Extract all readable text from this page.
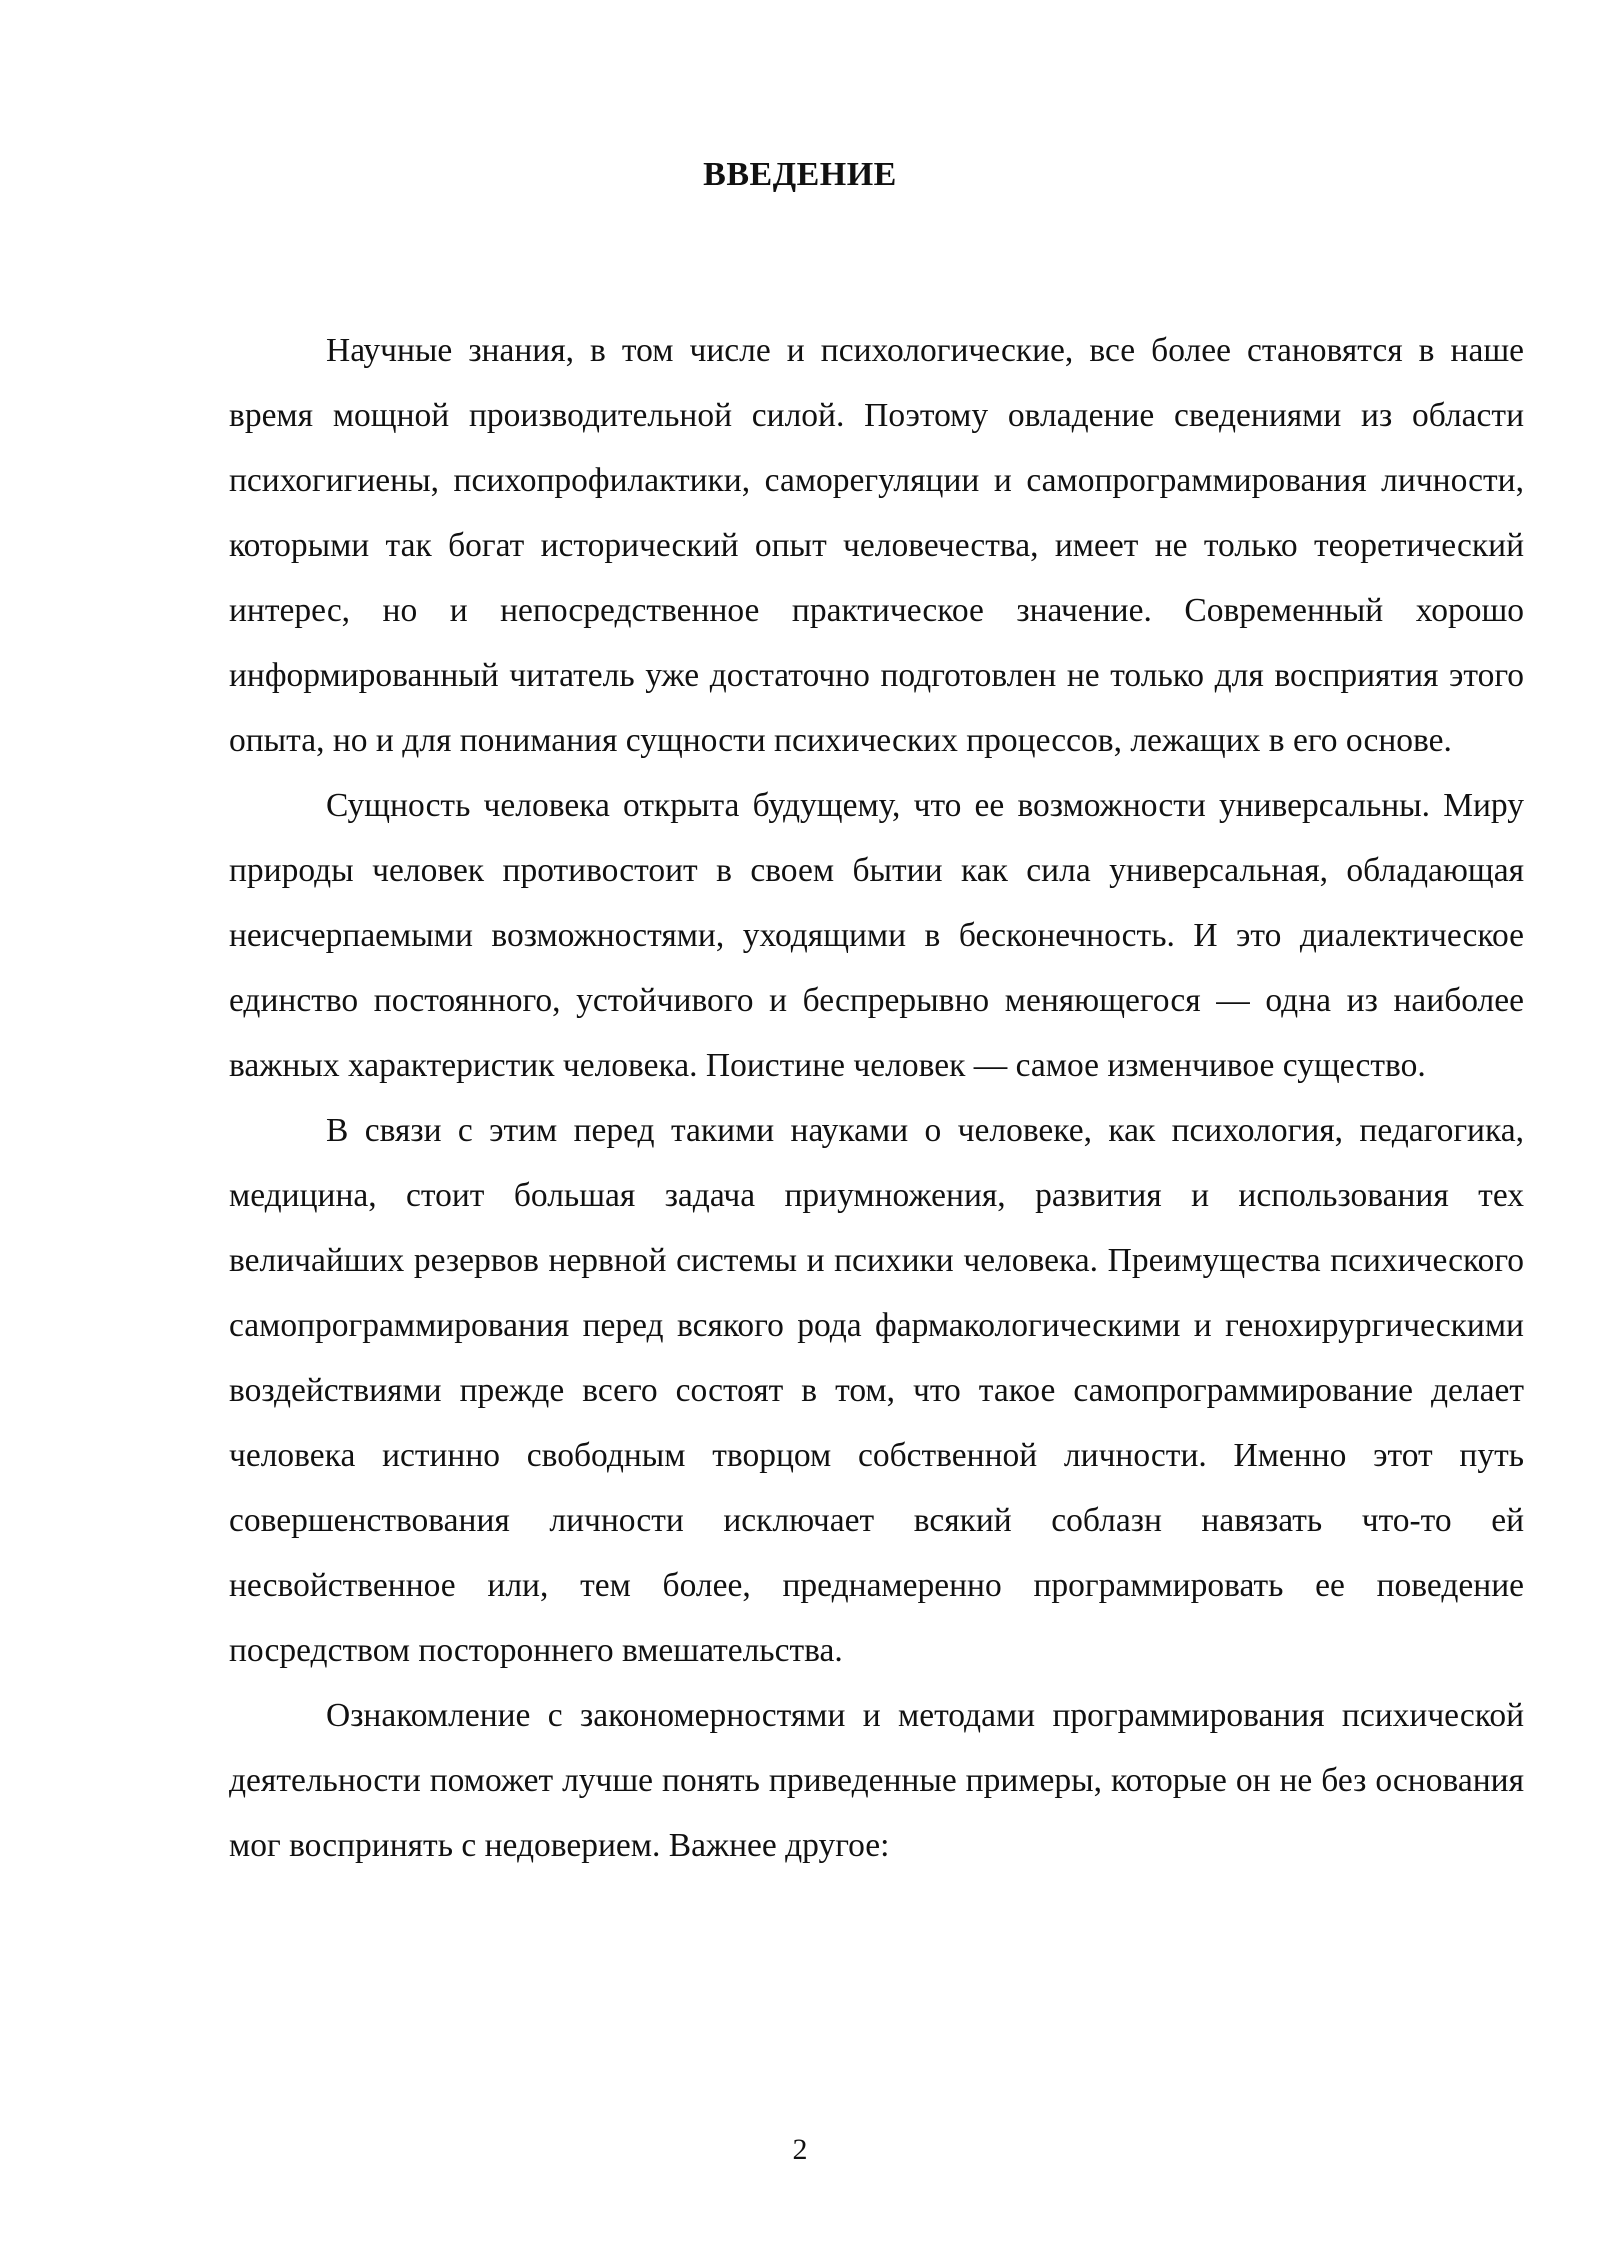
ВВЕДЕНИЕ

Научные знания, в том числе и психологические, все более становятся в наше время мощной производительной силой. Поэтому овладение сведениями из области психогигиены, психопрофилактики, саморегуляции и самопрограммирования личности, которыми так богат исторический опыт человечества, имеет не только теоретический интерес, но и непосредственное практическое значение. Современный хорошо информированный читатель уже достаточно подготовлен не только для восприятия этого опыта, но и для понимания сущности психических процессов, лежащих в его основе.

Сущность человека открыта будущему, что ее возможности универсальны. Миру природы человек противостоит в своем бытии как сила универсальная, обладающая неисчерпаемыми возможностями, уходящими в бесконечность. И это диалектическое единство постоянного, устойчивого и беспрерывно меняющегося — одна из наиболее важных характеристик человека. Поистине человек — самое изменчивое существо.

В связи с этим перед такими науками о человеке, как психология, педагогика, медицина, стоит большая задача приумножения, развития и использования тех величайших резервов нервной системы и психики человека. Преимущества психического самопрограммирования перед всякого рода фармакологическими и генохирургическими воздействиями прежде всего состоят в том, что такое самопрограммирование делает человека истинно свободным творцом собственной личности. Именно этот путь совершенствования личности исключает всякий соблазн навязать что-то ей несвойственное или, тем более, преднамеренно программировать ее поведение посредством постороннего вмешательства.

Ознакомление с закономерностями и методами программирования психической деятельности поможет лучше понять приведенные примеры, которые он не без основания мог воспринять с недоверием. Важнее другое:

2
